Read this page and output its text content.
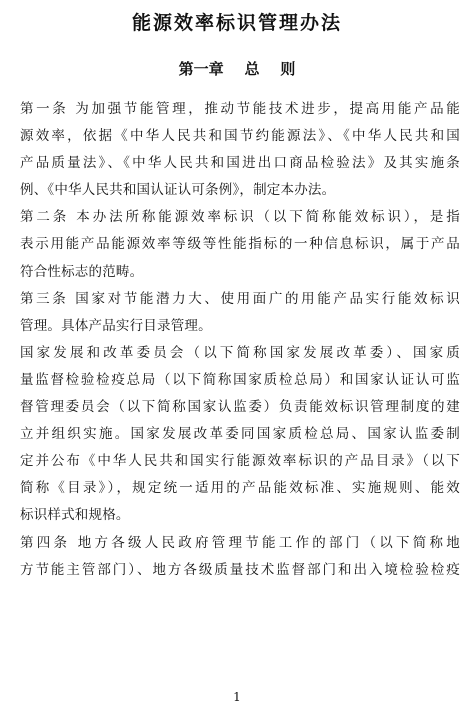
能源效率标识管理办法
第一章    总    则
第一条 为加强节能管理，推动节能技术进步，提高用能产品能
源效率，依据《中华人民共和国节约能源法》、《中华人民共和国
产品质量法》、《中华人民共和国进出口商品检验法》及其实施条
例、《中华人民共和国认证认可条例》，制定本办法。
第二条 本办法所称能源效率标识（以下简称能效标识），是指
表示用能产品能源效率等级等性能指标的一种信息标识，属于产品
符合性标志的范畴。
第三条 国家对节能潜力大、使用面广的用能产品实行能效标识
管理。具体产品实行目录管理。
国家发展和改革委员会（以下简称国家发展改革委）、国家质
量监督检验检疫总局（以下简称国家质检总局）和国家认证认可监
督管理委员会（以下简称国家认监委）负责能效标识管理制度的建
立并组织实施。国家发展改革委同国家质检总局、国家认监委制
定并公布《中华人民共和国实行能源效率标识的产品目录》（以下
简称《目录》），规定统一适用的产品能效标准、实施规则、能效
标识样式和规格。
第四条 地方各级人民政府管理节能工作的部门（以下简称地
方节能主管部门）、地方各级质量技术监督部门和出入境检验检疫
1
